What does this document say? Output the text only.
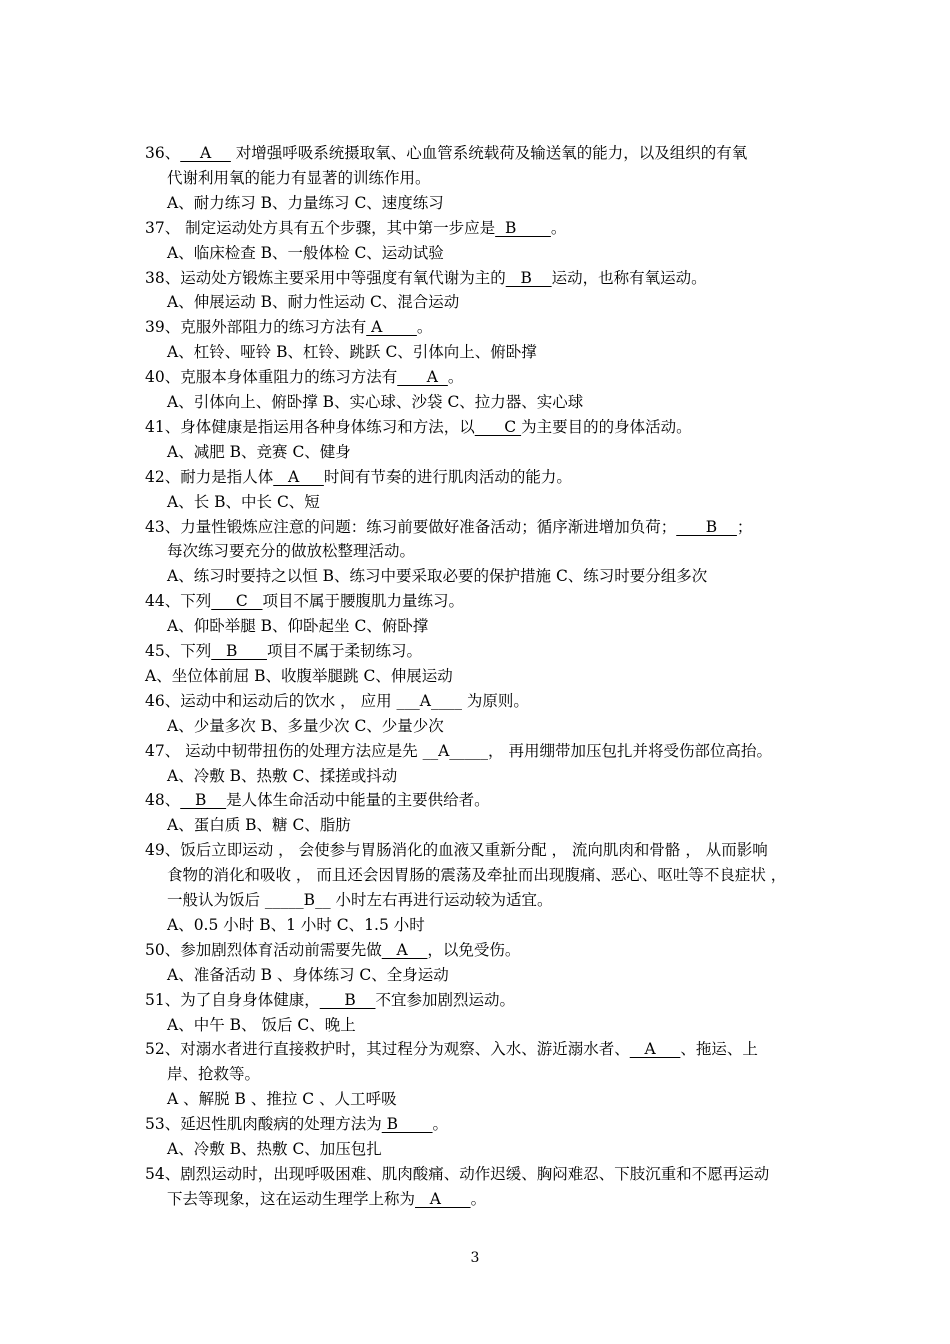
36、    A     对增强呼吸系统摄取氧、心血管系统载荷及输送氧的能力，以及组织的有氧
代谢利用氧的能力有显著的训练作用。
A、耐力练习 B、力量练习 C、速度练习
37、 制定运动处方具有五个步骤，其中第一步应是  B       。
A、临床检查 B、一般体检 C、运动试验
38、运动处方锻炼主要采用中等强度有氧代谢为主的   B    运动，也称有氧运动。
A、伸展运动 B、耐力性运动 C、混合运动
39、克服外部阻力的练习方法有 A       。
A、杠铃、哑铃 B、杠铃、跳跃 C、引体向上、俯卧撑
40、克服本身体重阻力的练习方法有      A  。
A、引体向上、俯卧撑 B、实心球、沙袋 C、拉力器、实心球
41、身体健康是指运用各种身体练习和方法，以      C 为主要目的的身体活动。
A、减肥 B、竞赛 C、健身
42、耐力是指人体   A     时间有节奏的进行肌肉活动的能力。
A、长 B、中长 C、短
43、力量性锻炼应注意的问题：练习前要做好准备活动；循序渐进增加负荷；      B    ；
每次练习要充分的做放松整理活动。
A、练习时要持之以恒 B、练习中要采取必要的保护措施 C、练习时要分组多次
44、下列     C   项目不属于腰腹肌力量练习。
A、仰卧举腿 B、仰卧起坐 C、俯卧撑
45、下列   B      项目不属于柔韧练习。
A、坐位体前屈 B、收腹举腿跳 C、伸展运动
46、运动中和运动后的饮水 ， 应用 ___A____ 为原则。
A、少量多次 B、多量少次 C、少量少次
47、 运动中韧带扭伤的处理方法应是先 __A_____， 再用绷带加压包扎并将受伤部位高抬。
A、冷敷 B、热敷 C、揉搓或抖动
48、   B    是人体生命活动中能量的主要供给者。
A、蛋白质 B、糖 C、脂肪
49、饭后立即运动 ， 会使参与胃肠消化的血液又重新分配 ， 流向肌肉和骨骼 ， 从而影响
食物的消化和吸收 ， 而且还会因胃肠的震荡及牵扯而出现腹痛、恶心、呕吐等不良症状 ，
一般认为饭后 _____B__ 小时左右再进行运动较为适宜。
A、0.5 小时 B、1 小时 C、1.5 小时
50、参加剧烈体育活动前需要先做   A    ，以免受伤。
A、准备活动 B 、身体练习 C、全身运动
51、为了自身身体健康，     B    不宜参加剧烈运动。
A、中午 B、 饭后 C、晚上
52、对溺水者进行直接救护时，其过程分为观察、入水、游近溺水者、   A     、拖运、上
岸、抢救等。
A 、解脱 B 、推拉 C 、人工呼吸
53、延迟性肌肉酸病的处理方法为 B       。
A、冷敷 B、热敷 C、加压包扎
54、剧烈运动时，出现呼吸困难、肌肉酸痛、动作迟缓、胸闷难忍、下肢沉重和不愿再运动
下去等现象，这在运动生理学上称为   A      。
3
